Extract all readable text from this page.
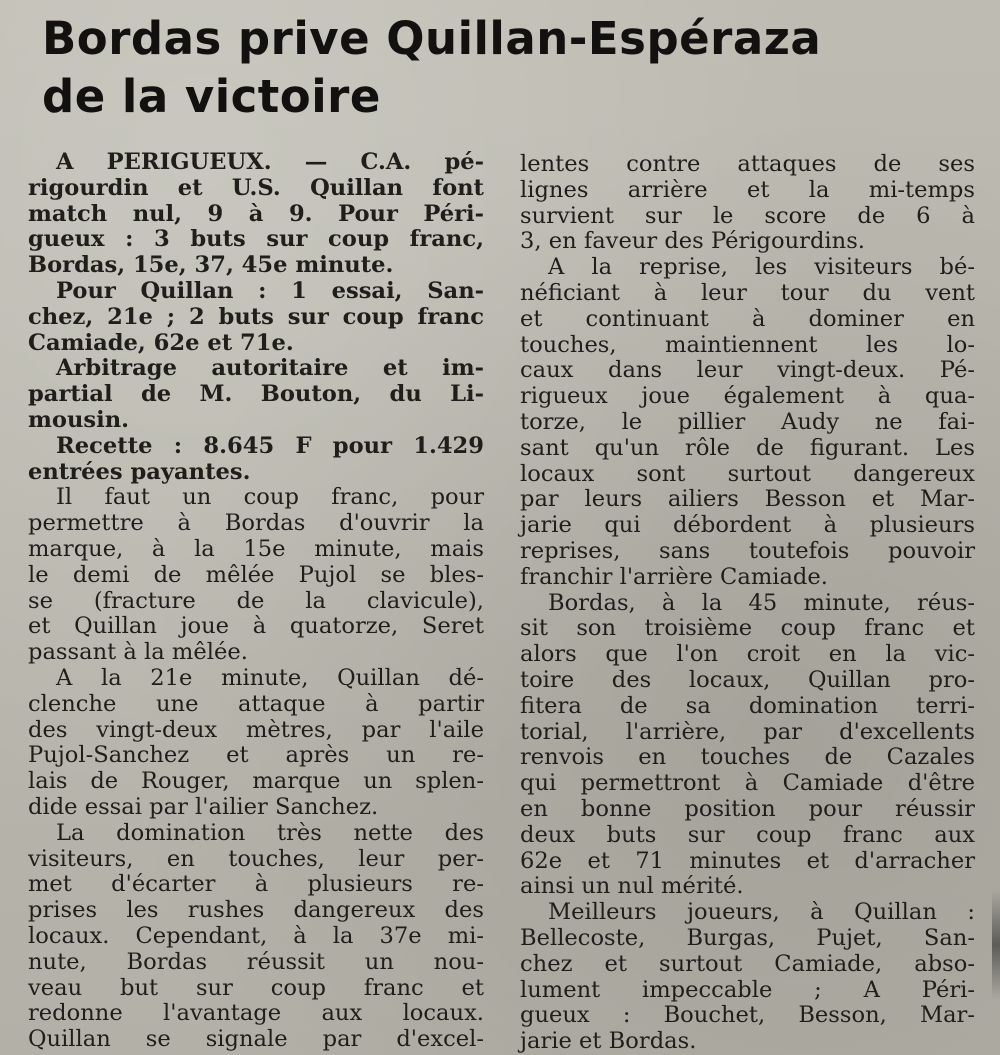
Bordas prive Quillan-Espéraza
de la victoire
A PERIGUEUX. — C.A. pé-
rigourdin et U.S. Quillan font
match nul, 9 à 9. Pour Péri-
gueux : 3 buts sur coup franc,
Bordas, 15e, 37, 45e minute.
Pour Quillan : 1 essai, San-
chez, 21e ; 2 buts sur coup franc
Camiade, 62e et 71e.
Arbitrage autoritaire et im-
partial de M. Bouton, du Li-
mousin.
Recette : 8.645 F pour 1.429
entrées payantes.
Il faut un coup franc, pour
permettre à Bordas d'ouvrir la
marque, à la 15e minute, mais
le demi de mêlée Pujol se bles-
se (fracture de la clavicule),
et Quillan joue à quatorze, Seret
passant à la mêlée.
A la 21e minute, Quillan dé-
clenche une attaque à partir
des vingt-deux mètres, par l'aile
Pujol-Sanchez et après un re-
lais de Rouger, marque un splen-
dide essai par l'ailier Sanchez.
La domination très nette des
visiteurs, en touches, leur per-
met d'écarter à plusieurs re-
prises les rushes dangereux des
locaux. Cependant, à la 37e mi-
nute, Bordas réussit un nou-
veau but sur coup franc et
redonne l'avantage aux locaux.
Quillan se signale par d'excel-
lentes contre attaques de ses
lignes arrière et la mi-temps
survient sur le score de 6 à
3, en faveur des Périgourdins.
A la reprise, les visiteurs bé-
néficiant à leur tour du vent
et continuant à dominer en
touches, maintiennent les lo-
caux dans leur vingt-deux. Pé-
rigueux joue également à qua-
torze, le pillier Audy ne fai-
sant qu'un rôle de figurant. Les
locaux sont surtout dangereux
par leurs ailiers Besson et Mar-
jarie qui débordent à plusieurs
reprises, sans toutefois pouvoir
franchir l'arrière Camiade.
Bordas, à la 45 minute, réus-
sit son troisième coup franc et
alors que l'on croit en la vic-
toire des locaux, Quillan pro-
fitera de sa domination terri-
torial, l'arrière, par d'excellents
renvois en touches de Cazales
qui permettront à Camiade d'être
en bonne position pour réussir
deux buts sur coup franc aux
62e et 71 minutes et d'arracher
ainsi un nul mérité.
Meilleurs joueurs, à Quillan :
Bellecoste, Burgas, Pujet, San-
chez et surtout Camiade, abso-
lument impeccable ; A Péri-
gueux : Bouchet, Besson, Mar-
jarie et Bordas.
